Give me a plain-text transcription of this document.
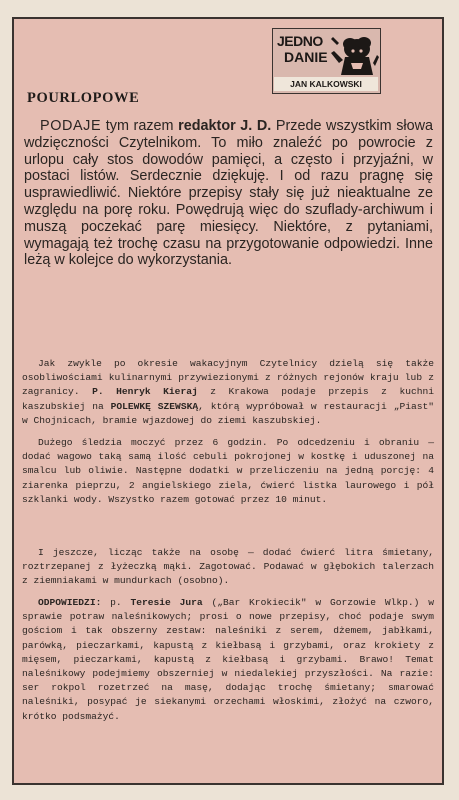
JEDNO
DANIE
JAN KALKOWSKI
POURLOPOWE

PODAJE tym razem redaktor J. D. Przede wszystkim słowa wdzięczności Czytelnikom. To miło znaleźć po powrocie z urlopu cały stos dowodów pamięci, a często i przyjaźni, w postaci listów. Serdecznie dziękuję. I od razu pragnę się usprawiedliwić. Niektóre przepisy stały się już nieaktualne ze względu na porę roku. Powędrują więc do szuflady-archiwum i muszą poczekać parę miesięcy. Niektóre, z pytaniami, wymagają też trochę czasu na przygotowanie odpowiedzi. Inne leżą w kolejce do wykorzystania.

Jak zwykle po okresie wakacyjnym Czytelnicy dzielą się także osobliwościami kulinarnymi przywiezionymi z różnych rejonów kraju lub z zagranicy. P. Henryk Kieraj z Krakowa podaje przepis z kuchni kaszubskiej na POLEWKĘ SZEWSKĄ, którą wypróbował w restauracji „Piast" w Chojnicach, bramie wjazdowej do ziemi kaszubskiej.

Dużego śledzia moczyć przez 6 godzin. Po odcedzeniu i obraniu — dodać wagowo taką samą ilość cebuli pokrojonej w kostkę i uduszonej na smalcu lub oliwie. Następne dodatki w przeliczeniu na jedną porcję: 4 ziarenka pieprzu, 2 angielskiego ziela, ćwierć listka laurowego i pół szklanki wody. Wszystko razem gotować przez 10 minut.

I jeszcze, licząc także na osobę — dodać ćwierć litra śmietany, roztrzepanej z łyżeczką mąki. Zagotować. Podawać w głębokich talerzach z ziemniakami w mundurkach (osobno).

ODPOWIEDZI: p. Teresie Jura („Bar Krokiecik" w Gorzowie Wlkp.) w sprawie potraw naleśnikowych; prosi o nowe przepisy, choć podaje swym gościom i tak obszerny zestaw: naleśniki z serem, dżemem, jabłkami, parówką, pieczarkami, kapustą z kiełbasą i grzybami, oraz krokiety z mięsem, pieczarkami, kapustą z kiełbasą i grzybami. Brawo! Temat naleśnikowy podejmiemy obszerniej w niedalekiej przyszłości. Na razie: ser rokpol rozetrzeć na masę, dodając trochę śmietany; smarować naleśniki, posypać je siekanymi orzechami włoskimi, złożyć na czworo, krótko podsmażyć.
